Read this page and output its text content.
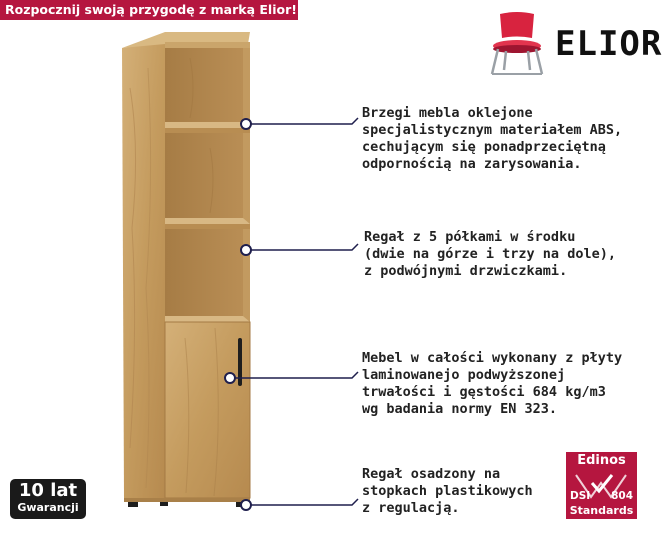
Rozpocznij swoją przygodę z marką Elior!
ELIOR
Brzegi mebla oklejone
specjalistycznym materiałem ABS,
cechującym się ponadprzeciętną
odpornością na zarysowania.
Regał z 5 półkami w środku
(dwie na górze i trzy na dole),
z podwójnymi drzwiczkami.
Mebel w całości wykonany z płyty
laminowanejo podwyższonej
trwałości i gęstości 684 kg/m3
wg badania normy EN 323.
Regał osadzony na
stopkach plastikowych
z regulacją.
10 lat
Gwarancji
Edinos
DSI 804
Standards
